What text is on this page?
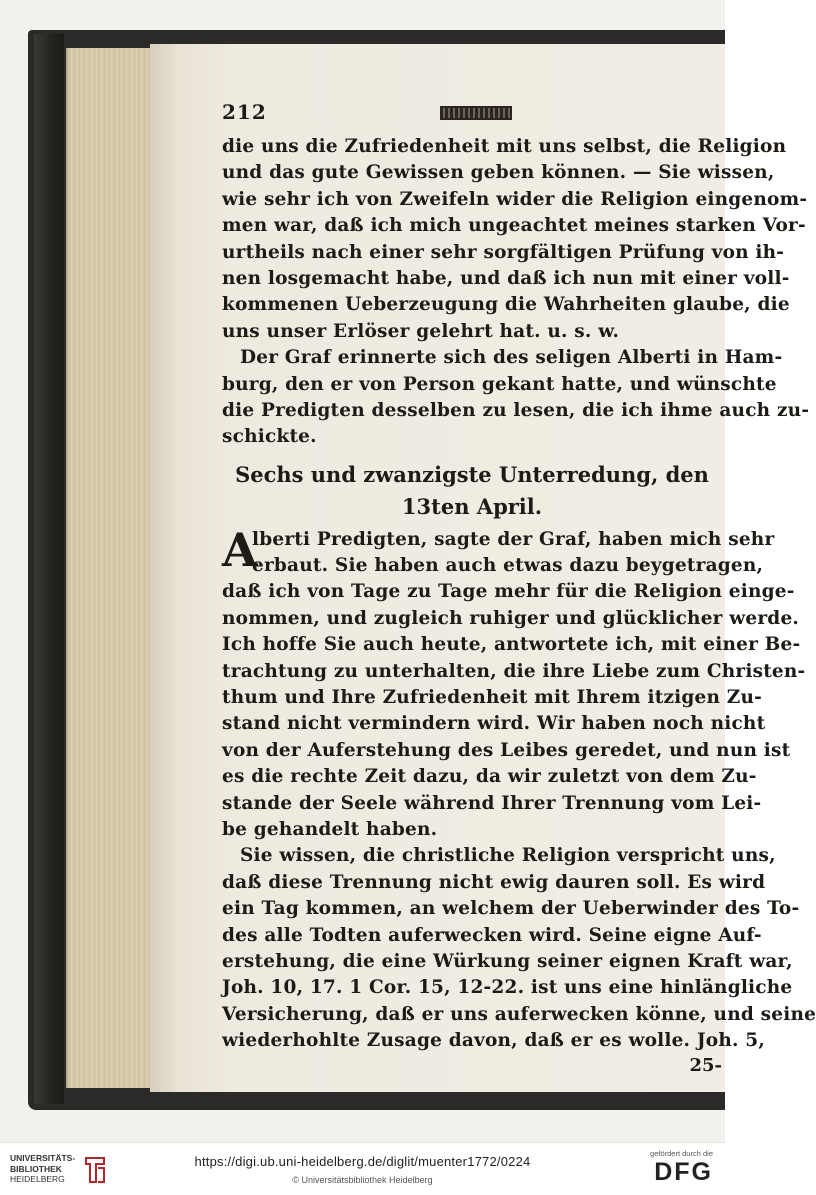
212
die uns die Zufriedenheit mit uns selbst, die Religion
und das gute Gewissen geben können. — Sie wissen,
wie sehr ich von Zweifeln wider die Religion eingenom-
men war, daß ich mich ungeachtet meines starken Vor-
urtheils nach einer sehr sorgfältigen Prüfung von ih-
nen losgemacht habe, und daß ich nun mit einer voll-
kommenen Ueberzeugung die Wahrheiten glaube, die
uns unser Erlöser gelehrt hat. u. s. w.
Der Graf erinnerte sich des seligen Alberti in Ham-
burg, den er von Person gekant hatte, und wünschte
die Predigten desselben zu lesen, die ich ihme auch zu-
schickte.
Sechs und zwanzigste Unterredung, den
13ten April.
A
lberti Predigten, sagte der Graf, haben mich sehr
erbaut. Sie haben auch etwas dazu beygetragen,
daß ich von Tage zu Tage mehr für die Religion einge-
nommen, und zugleich ruhiger und glücklicher werde.
Ich hoffe Sie auch heute, antwortete ich, mit einer Be-
trachtung zu unterhalten, die ihre Liebe zum Christen-
thum und Ihre Zufriedenheit mit Ihrem itzigen Zu-
stand nicht vermindern wird. Wir haben noch nicht
von der Auferstehung des Leibes geredet, und nun ist
es die rechte Zeit dazu, da wir zuletzt von dem Zu-
stande der Seele während Ihrer Trennung vom Lei-
be gehandelt haben.
Sie wissen, die christliche Religion verspricht uns,
daß diese Trennung nicht ewig dauren soll. Es wird
ein Tag kommen, an welchem der Ueberwinder des To-
des alle Todten auferwecken wird. Seine eigne Auf-
erstehung, die eine Würkung seiner eignen Kraft war,
Joh. 10, 17. 1 Cor. 15, 12-22. ist uns eine hinlängliche
Versicherung, daß er uns auferwecken könne, und seine
wiederhohlte Zusage davon, daß er es wolle. Joh. 5,
25-
UNIVERSITÄTS-
BIBLIOTHEK
HEIDELBERG
https://digi.ub.uni-heidelberg.de/diglit/muenter1772/0224
© Universitätsbibliothek Heidelberg
gefördert durch die
DFG
